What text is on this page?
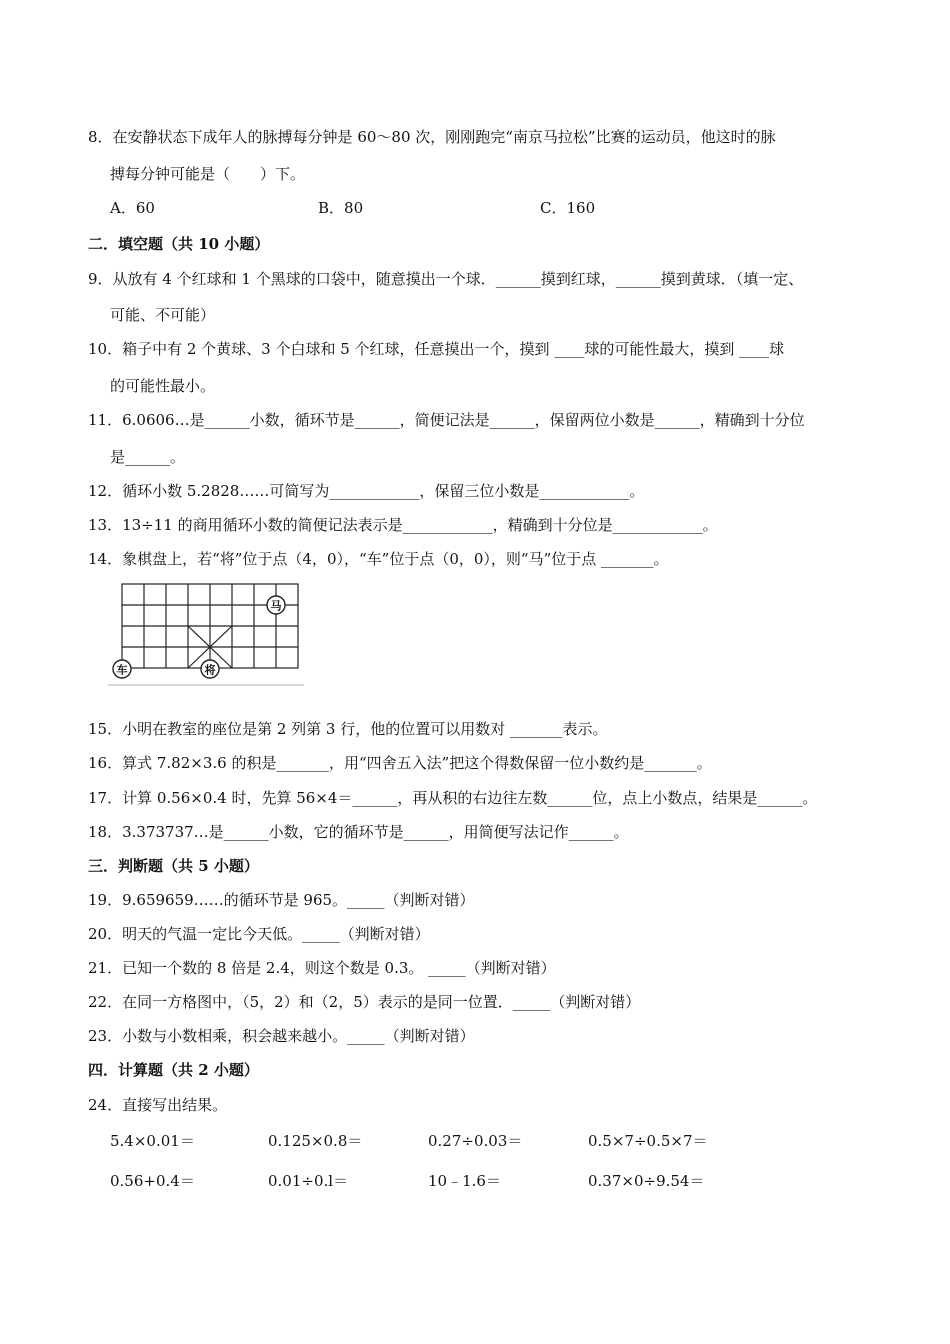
8．在安静状态下成年人的脉搏每分钟是 60～80 次，刚刚跑完“南京马拉松”比赛的运动员，他这时的脉
搏每分钟可能是（　　）下。
A．60	B．80	C．160
二．填空题（共 10 小题）
9．从放有 4 个红球和 1 个黑球的口袋中，随意摸出一个球．______摸到红球，______摸到黄球．（填一定、
可能、不可能）
10．箱子中有 2 个黄球、3 个白球和 5 个红球，任意摸出一个，摸到 ____球的可能性最大，摸到 ____球
的可能性最小。
11．6.0606…是______小数，循环节是______，简便记法是______，保留两位小数是______，精确到十分位
是______。
12．循环小数 5.2828……可简写为____________，保留三位小数是____________。
13．13÷11 的商用循环小数的简便记法表示是____________，精确到十分位是____________。
14．象棋盘上，若“将”位于点（4，0），“车”位于点（0，0），则“马”位于点 _______。
车	将
马
15．小明在教室的座位是第 2 列第 3 行，他的位置可以用数对 _______表示。
16．算式 7.82×3.6 的积是_______，用“四舍五入法”把这个得数保留一位小数约是_______。
17．计算 0.56×0.4 时，先算 56×4＝______，再从积的右边往左数______位，点上小数点，结果是______。
18．3.373737…是______小数，它的循环节是______，用简便写法记作______。
三．判断题（共 5 小题）
19．9.659659……的循环节是 965。_____（判断对错）
20．明天的气温一定比今天低。_____（判断对错）
21．已知一个数的 8 倍是 2.4，则这个数是 0.3。 _____（判断对错）
22．在同一方格图中，（5，2）和（2，5）表示的是同一位置．_____（判断对错）
23．小数与小数相乘，积会越来越小。_____（判断对错）
四．计算题（共 2 小题）
24．直接写出结果。
5.4×0.01＝	0.125×0.8＝	0.27÷0.03＝	0.5×7÷0.5×7＝
0.56+0.4＝	0.01÷0.l＝	10﹣1.6＝	0.37×0÷9.54＝
